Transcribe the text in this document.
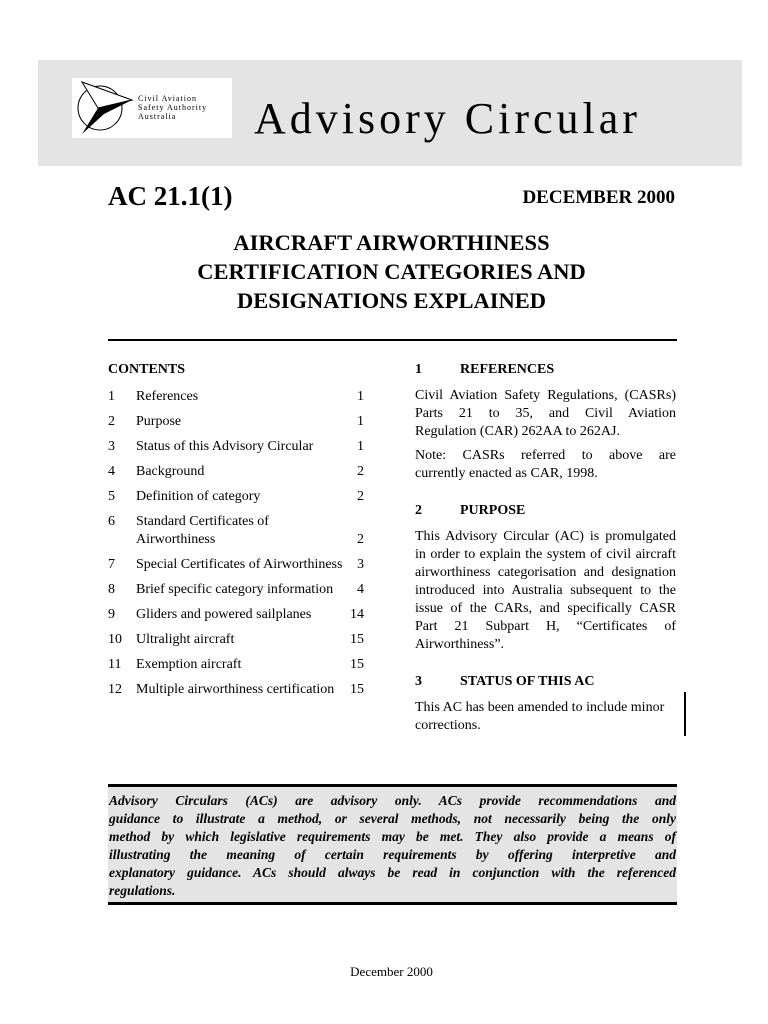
Civil Aviation
Safety Authority
Australia	Advisory Circular
AC 21.1(1)	DECEMBER 2000
AIRCRAFT AIRWORTHINESS
CERTIFICATION CATEGORIES AND
DESIGNATIONS EXPLAINED
CONTENTS
1 References	1
2 Purpose	1
3 Status of this Advisory Circular	1
4 Background	2
5 Definition of category	2
6 Standard Certificates of
Airworthiness	2
7 Special Certificates of Airworthiness	3
8 Brief specific category information	4
9 Gliders and powered sailplanes	14
10 Ultralight aircraft	15
11 Exemption aircraft	15
12 Multiple airworthiness certification	15
1	REFERENCES
Civil Aviation Safety Regulations, (CASRs)
Parts 21 to 35, and Civil Aviation
Regulation (CAR) 262AA to 262AJ.
Note: CASRs referred to above are
currently enacted as CAR, 1998.
2	PURPOSE
This Advisory Circular (AC) is promulgated
in order to explain the system of civil aircraft
airworthiness categorisation and designation
introduced into Australia subsequent to the
issue of the CARs, and specifically CASR
Part 21 Subpart H, “Certificates of
Airworthiness”.
3	STATUS OF THIS AC
This AC has been amended to include minor
corrections.
Advisory Circulars (ACs) are advisory only. ACs provide recommendations and
guidance to illustrate a method, or several methods, not necessarily being the only
method by which legislative requirements may be met. They also provide a means of
illustrating the meaning of certain requirements by offering interpretive and
explanatory guidance. ACs should always be read in conjunction with the referenced
regulations.
December 2000
